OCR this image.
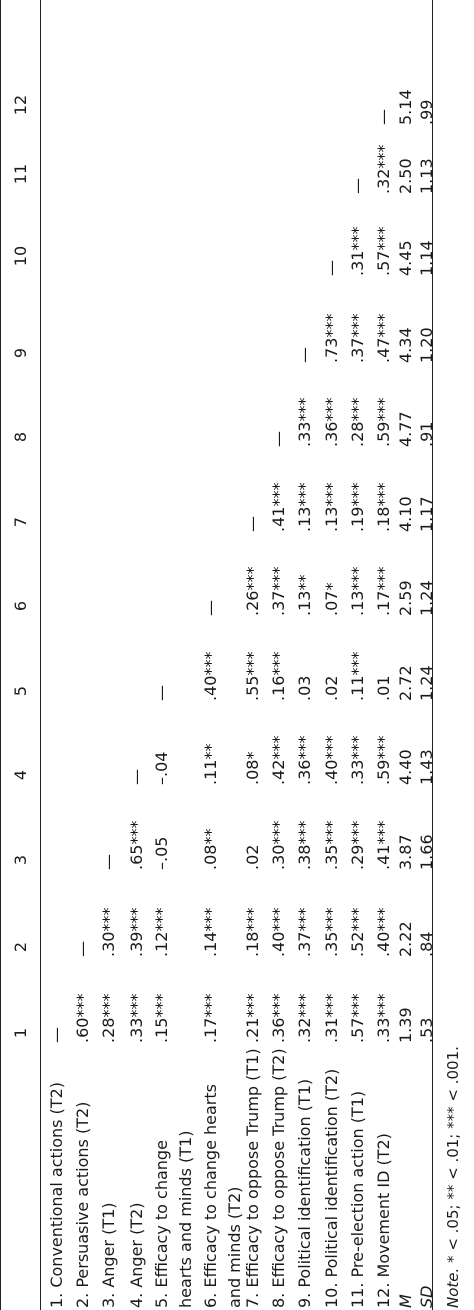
1
2
3
4
5
6
7
8
9
10
11
12
1. Conventional actions (T2)
—
2. Persuasive actions (T2)
.60***
—
3. Anger (T1)
.28***
.30***
—
4. Anger (T2)
.33***
.39***
.65***
—
5. Efficacy to change hearts and minds (T1)
.15***
.12***
–.05
–.04
—
6. Efficacy to change hearts and minds (T2)
.17***
.14***
.08**
.11**
.40***
—
7. Efficacy to oppose Trump (T1)
.21***
.18***
.02
.08*
.55***
.26***
—
8. Efficacy to oppose Trump (T2)
.36***
.40***
.30***
.42***
.16***
.37***
.41***
—
9. Political identification (T1)
.32***
.37***
.38***
.36***
.03
.13**
.13***
.33***
—
10. Political identification (T2)
.31***
.35***
.35***
.40***
.02
.07*
.13***
.36***
.73***
—
11. Pre-election action (T1)
.57***
.52***
.29***
.33***
.11***
.13***
.19***
.28***
.37***
.31***
—
12. Movement ID (T2)
.33***
.40***
.41***
.59***
.01
.17***
.18***
.59***
.47***
.57***
.32***
—
M
1.39
2.22
3.87
4.40
2.72
2.59
4.10
4.77
4.34
4.45
2.50
5.14
SD
.53
.84
1.66
1.43
1.24
1.24
1.17
.91
1.20
1.14
1.13
.99
Note. * < .05; ** < .01; *** < .001.
